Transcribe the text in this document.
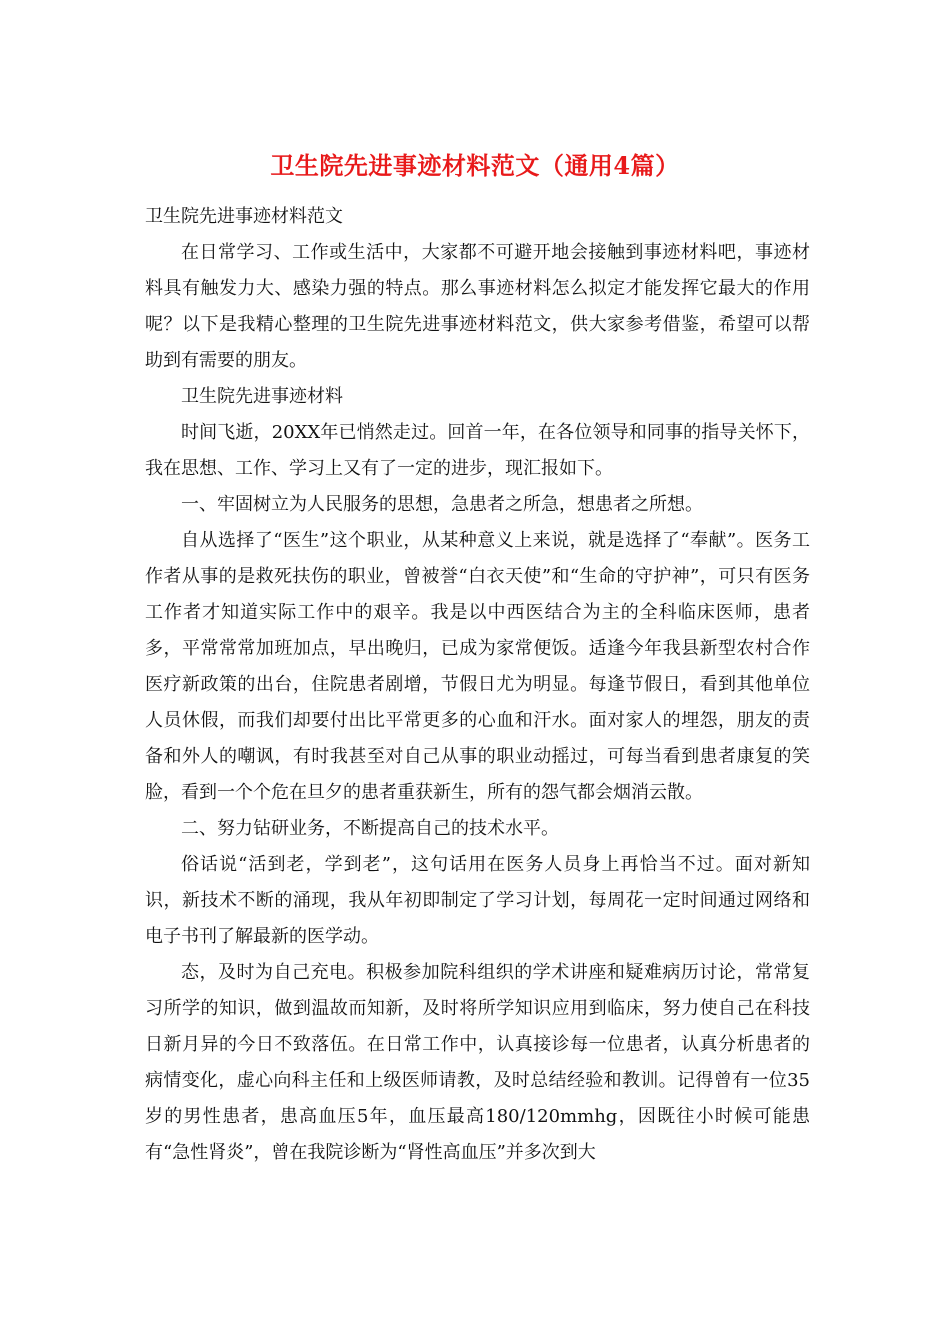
卫生院先进事迹材料范文（通用4篇）

卫生院先进事迹材料范文

在日常学习、工作或生活中，大家都不可避开地会接触到事迹材料吧，事迹材料具有触发力大、感染力强的特点。那么事迹材料怎么拟定才能发挥它最大的作用呢？以下是我精心整理的卫生院先进事迹材料范文，供大家参考借鉴，希望可以帮助到有需要的朋友。

卫生院先进事迹材料

时间飞逝，20XX年已悄然走过。回首一年，在各位领导和同事的指导关怀下，我在思想、工作、学习上又有了一定的进步，现汇报如下。

一、牢固树立为人民服务的思想，急患者之所急，想患者之所想。

自从选择了“医生”这个职业，从某种意义上来说，就是选择了“奉献”。医务工作者从事的是救死扶伤的职业，曾被誉“白衣天使”和“生命的守护神”，可只有医务工作者才知道实际工作中的艰辛。我是以中西医结合为主的全科临床医师，患者多，平常常常加班加点，早出晚归，已成为家常便饭。适逢今年我县新型农村合作医疗新政策的出台，住院患者剧增，节假日尤为明显。每逢节假日，看到其他单位人员休假，而我们却要付出比平常更多的心血和汗水。面对家人的埋怨，朋友的责备和外人的嘲讽，有时我甚至对自己从事的职业动摇过，可每当看到患者康复的笑脸，看到一个个危在旦夕的患者重获新生，所有的怨气都会烟消云散。

二、努力钻研业务，不断提高自己的技术水平。

俗话说“活到老，学到老”，这句话用在医务人员身上再恰当不过。面对新知识，新技术不断的涌现，我从年初即制定了学习计划，每周花一定时间通过网络和电子书刊了解最新的医学动。

态，及时为自己充电。积极参加院科组织的学术讲座和疑难病历讨论，常常复习所学的知识，做到温故而知新，及时将所学知识应用到临床，努力使自己在科技日新月异的今日不致落伍。在日常工作中，认真接诊每一位患者，认真分析患者的病情变化，虚心向科主任和上级医师请教，及时总结经验和教训。记得曾有一位35岁的男性患者，患高血压5年，血压最高180/120mmhg，因既往小时候可能患有“急性肾炎”，曾在我院诊断为“肾性高血压”并多次到大
